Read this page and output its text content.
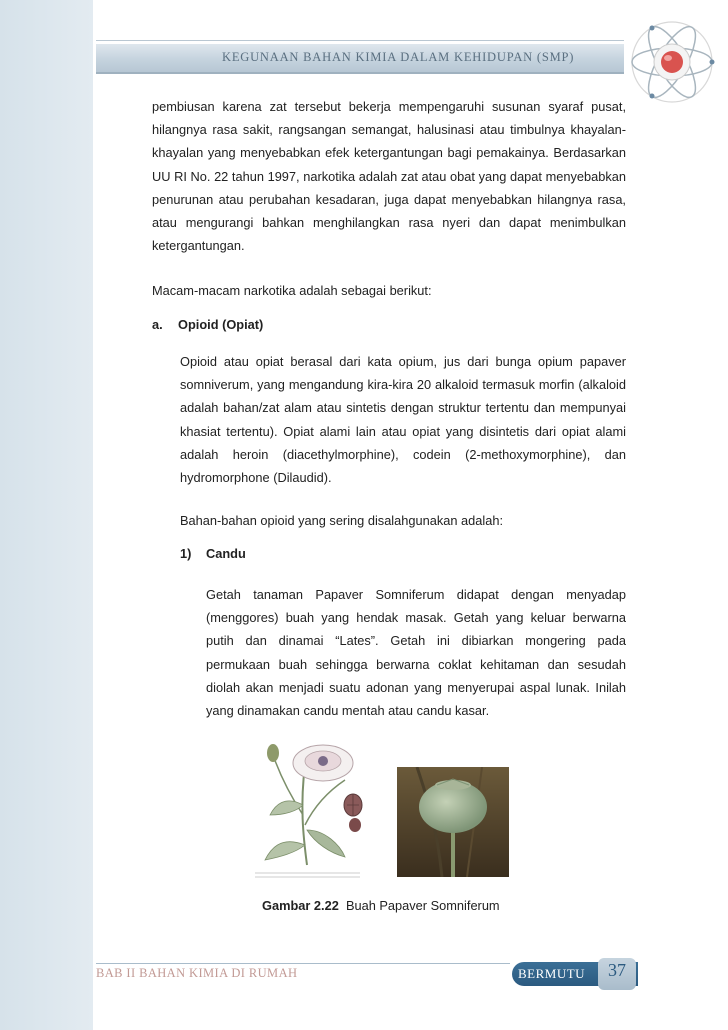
KEGUNAAN BAHAN KIMIA DALAM KEHIDUPAN (SMP)
pembiusan karena zat tersebut bekerja mempengaruhi susunan syaraf pusat, hilangnya rasa sakit, rangsangan semangat, halusinasi atau timbulnya khayalan-khayalan yang menyebabkan efek ketergantungan bagi pemakainya. Berdasarkan UU RI No. 22 tahun 1997, narkotika adalah zat atau obat yang dapat menyebabkan penurunan atau perubahan kesadaran, juga dapat menyebabkan hilangnya rasa, atau mengurangi bahkan menghilangkan rasa nyeri dan dapat menimbulkan ketergantungan.
Macam-macam narkotika adalah sebagai berikut:
a. Opioid (Opiat)
Opioid atau opiat berasal dari kata opium, jus dari bunga opium papaver somniverum, yang mengandung kira-kira 20 alkaloid termasuk morfin (alkaloid adalah bahan/zat alam atau sintetis dengan struktur tertentu dan mempunyai khasiat tertentu). Opiat alami lain atau opiat yang disintetis dari opiat alami adalah heroin (diacethylmorphine), codein (2-methoxymorphine), dan hydromorphone (Dilaudid).
Bahan-bahan opioid yang sering disalahgunakan adalah:
1) Candu
Getah tanaman Papaver Somniferum didapat dengan menyadap (menggores) buah yang hendak masak. Getah yang keluar berwarna putih dan dinamai “Lates”. Getah ini dibiarkan mongering pada permukaan buah sehingga berwarna coklat kehitaman dan sesudah diolah akan menjadi suatu adonan yang menyerupai aspal lunak. Inilah yang dinamakan candu mentah atau candu kasar.
Gambar 2.22 Buah Papaver Somniferum
BAB II BAHAN KIMIA DI RUMAH	BERMUTU	37
